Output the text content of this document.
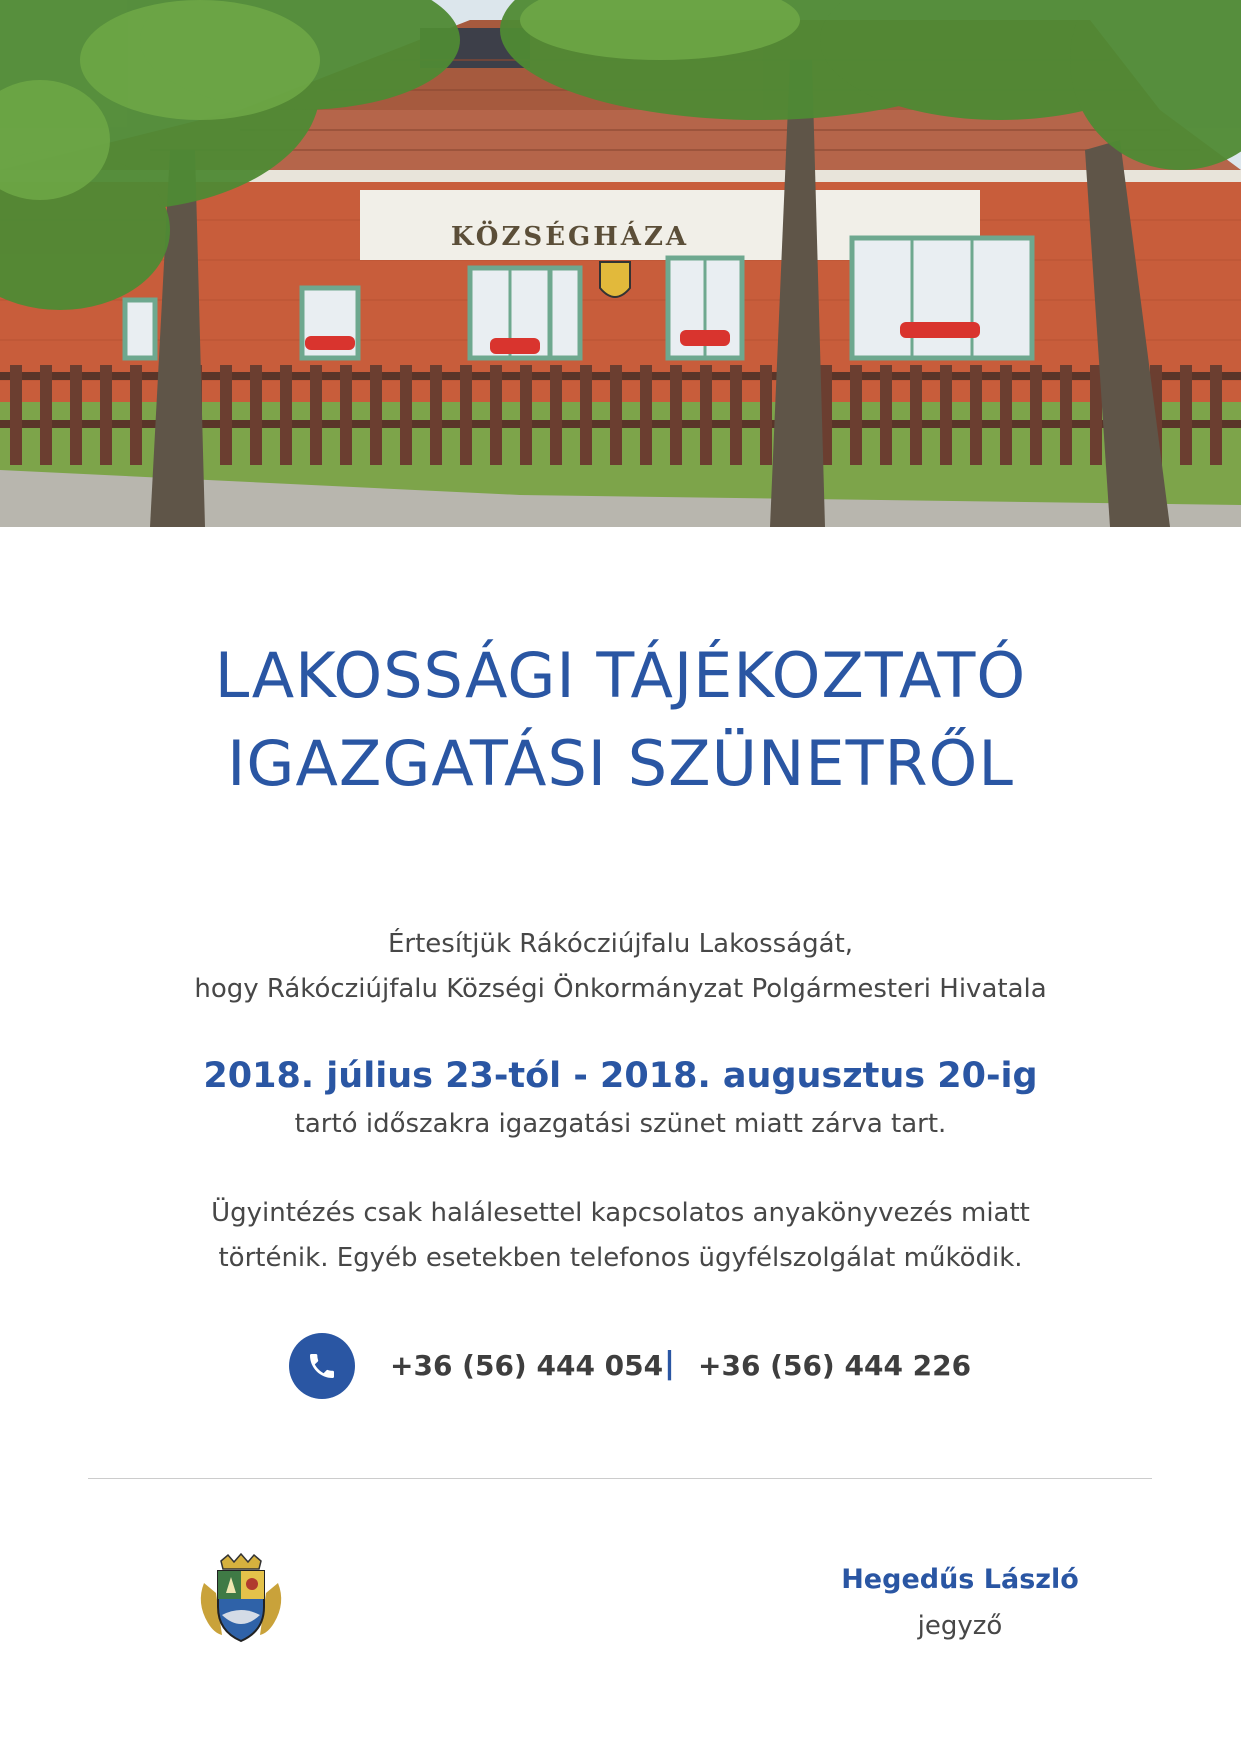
KÖZSÉGHÁZA
LAKOSSÁGI TÁJÉKOZTATÓ
IGAZGATÁSI SZÜNETRŐL
Értesítjük Rákócziújfalu Lakosságát,
hogy Rákócziújfalu Községi Önkormányzat Polgármesteri Hivatala
2018. július 23-tól - 2018. augusztus 20-ig
tartó időszakra igazgatási szünet miatt zárva tart.
Ügyintézés csak halálesettel kapcsolatos anyakönyvezés miatt
történik. Egyéb esetekben telefonos ügyfélszolgálat működik.
+36 (56) 444 054 | +36 (56) 444 226
Hegedűs László
jegyző
